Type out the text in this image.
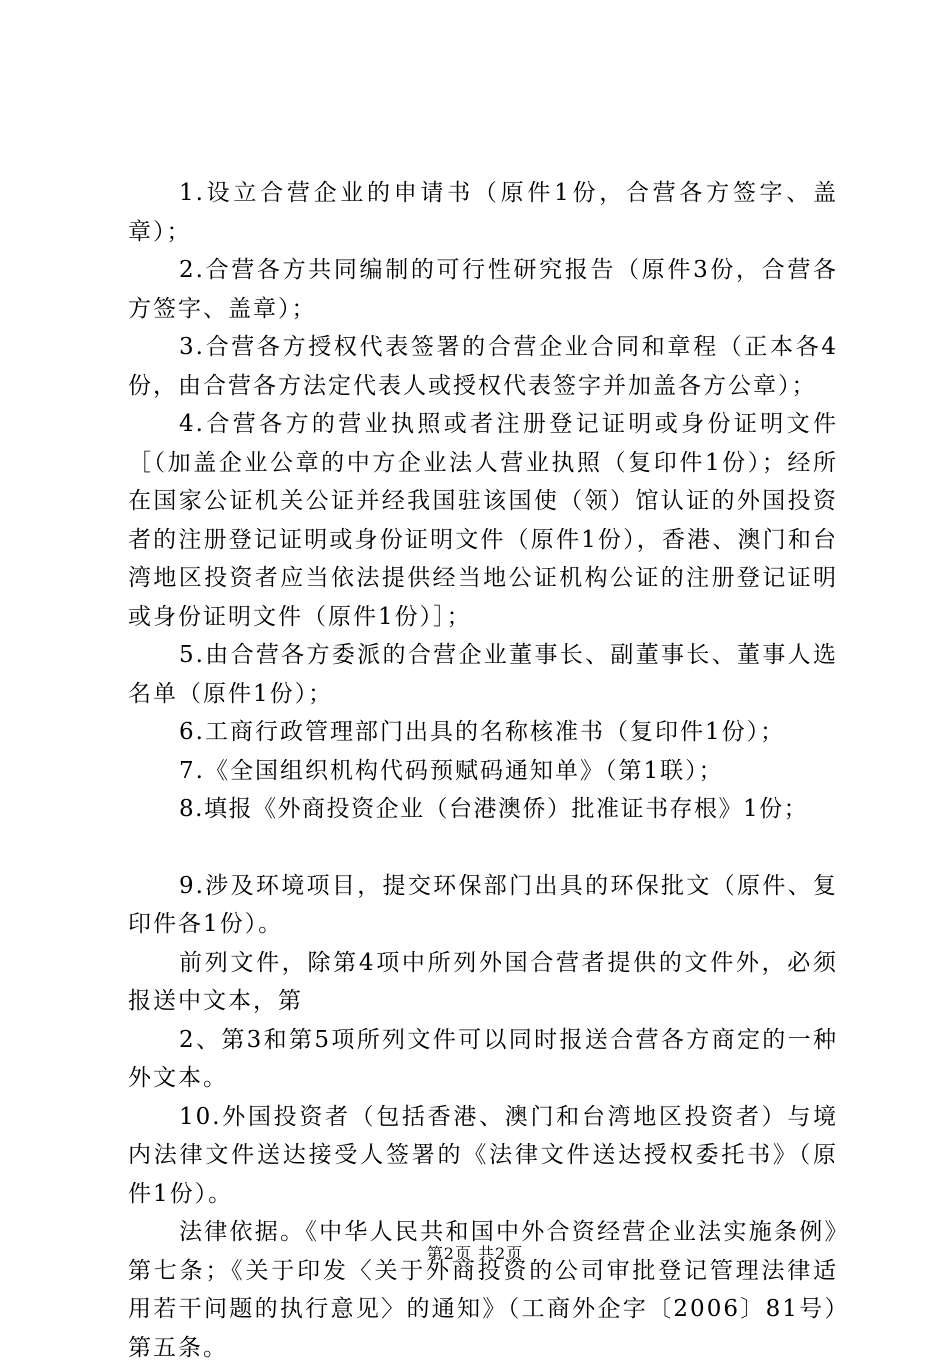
1.设立合营企业的申请书（原件1份，合营各方签字、盖章）；

2.合营各方共同编制的可行性研究报告（原件3份，合营各方签字、盖章）；

3.合营各方授权代表签署的合营企业合同和章程（正本各4份，由合营各方法定代表人或授权代表签字并加盖各方公章）；

4.合营各方的营业执照或者注册登记证明或身份证明文件［（加盖企业公章的中方企业法人营业执照（复印件1份）；经所在国家公证机关公证并经我国驻该国使（领）馆认证的外国投资者的注册登记证明或身份证明文件（原件1份），香港、澳门和台湾地区投资者应当依法提供经当地公证机构公证的注册登记证明或身份证明文件（原件1份）］；

5.由合营各方委派的合营企业董事长、副董事长、董事人选名单（原件1份）；

6.工商行政管理部门出具的名称核准书（复印件1份）；

7.《全国组织机构代码预赋码通知单》（第1联）；

8.填报《外商投资企业（台港澳侨）批准证书存根》1份；

9.涉及环境项目，提交环保部门出具的环保批文（原件、复印件各1份）。

前列文件，除第4项中所列外国合营者提供的文件外，必须报送中文本，第

2、第3和第5项所列文件可以同时报送合营各方商定的一种外文本。

10.外国投资者（包括香港、澳门和台湾地区投资者）与境内法律文件送达接受人签署的《法律文件送达授权委托书》（原件1份）。

法律依据。《中华人民共和国中外合资经营企业法实施条例》第七条；《关于印发〈关于外商投资的公司审批登记管理法律适用若干问题的执行意见〉的通知》（工商外企字〔2006〕81号）第五条。

第2页 共2页
